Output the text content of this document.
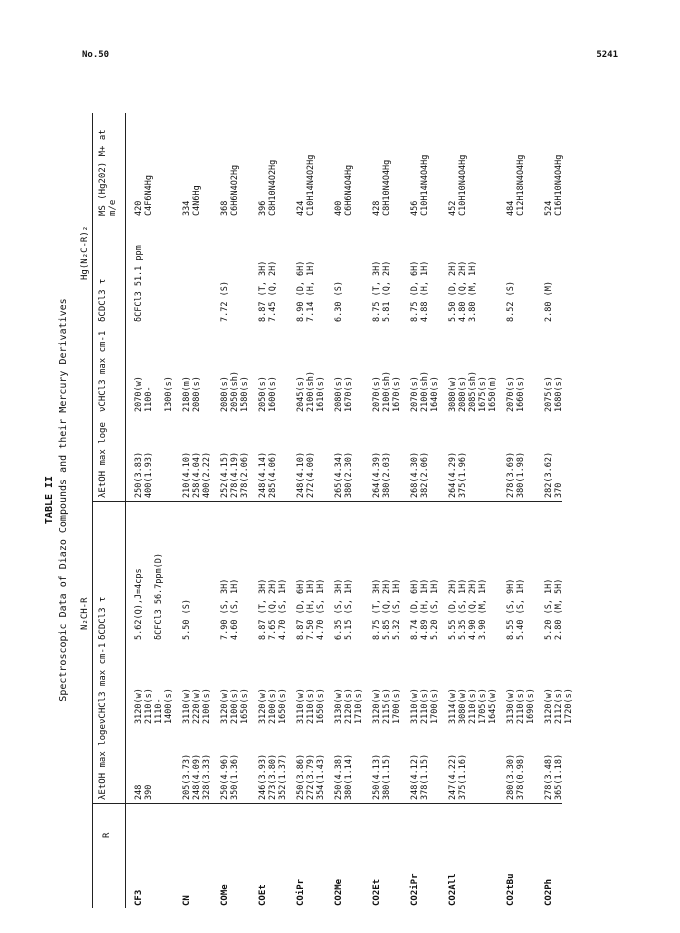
No.50	5241
TABLE II Spectroscopic Data of Diazo Compounds and their Mercury Derivatives
R
N₂CH-R
Hg(N₂C-R)₂
λEtOH max loge
νCHCl3 max cm-1
δCDCl3 τ
λEtOH max loge
νCHCl3 max cm-1
δCDCl3 τ
MS (Hg202) M+ at m/e
CF3
248
390
3120(w)
2110(s)
1110-
1400(s)
5.62(Q),J=4cps

δCFCl3 56.7ppm(D)
250(3.83)
400(1.93)
2070(w)
1100-

1300(s)
δCFCl3 51.1 ppm
420
C4F6N4Hg
CN
205(3.73)
248(4.09)
328(3.33)
3110(w)
2220(w)
2100(s)
5.50 (S)
210(4.10)
258(4.04)
400(2.22)
2180(m)
2080(s)
334
C4N6Hg
COMe
250(4.96)
350(1.36)
3120(w)
2100(s)
1650(s)
7.90 (S, 3H)
4.60 (S, 1H)
252(4.15)
278(4.19)
378(2.06)
2080(s)
2050(sh)
1580(s)
7.72 (S)
368
C6H6N4O2Hg
COEt
246(3.93)
273(3.80)
352(1.37)
3120(w)
2100(s)
1650(s)
8.87 (T, 3H)
7.65 (Q, 2H)
4.70 (S, 1H)
248(4.14)
285(4.06)
2050(s)
1600(s)
8.87 (T, 3H)
7.45 (Q, 2H)
396
C8H10N4O2Hg
COiPr
250(3.86)
272(3.79)
354(1.43)
3110(w)
2110(s)
1650(s)
8.87 (D, 6H)
7.50 (H, 1H)
4.70 (S, 1H)
248(4.10)
272(4.00)
2045(s)
2100(sh)
1610(s)
8.90 (D, 6H)
7.14 (H, 1H)
424
C10H14N4O2Hg
CO2Me
250(4.38)
380(1.14)
3130(w)
2120(s)
1710(s)
6.35 (S, 3H)
5.15 (S, 1H)
265(4.34)
380(2.30)
2080(s)
1670(s)
6.30 (S)
400
C6H6N4O4Hg
CO2Et
250(4.13)
380(1.15)
3120(w)
2115(s)
1700(s)
8.75 (T, 3H)
5.85 (Q, 2H)
5.32 (S, 1H)
264(4.39)
380(2.03)
2070(s)
2100(sh)
1670(s)
8.75 (T, 3H)
5.81 (Q, 2H)
428
C8H10N4O4Hg
CO2iPr
248(4.12)
378(1.15)
3110(w)
2110(s)
1700(s)
8.74 (D, 6H)
4.89 (H, 1H)
5.20 (S, 1H)
268(4.30)
382(2.06)
2070(s)
2100(sh)
1640(s)
8.75 (D, 6H)
4.88 (H, 1H)
456
C10H14N4O4Hg
CO2All
247(4.22)
375(1.16)
3114(w)
3080(w)
2110(s)
1705(s)
1645(w)
5.55 (D, 2H)
5.35 (S, 1H)
4.90 (Q, 2H)
3.90 (M, 1H)
264(4.29)
375(1.96)
3080(w)
2080(s)
2085(sh)
1675(s)
1650(m)
5.50 (D, 2H)
4.80 (Q, 2H)
3.80 (M, 1H)
452
C10H10N4O4Hg
CO2tBu
280(3.30)
378(0.98)
3130(w)
2110(s)
1690(s)
8.55 (S, 9H)
5.40 (S, 1H)
278(3.69)
380(1.98)
2070(s)
1660(s)
8.52 (S)
484
C12H18N4O4Hg
CO2Ph
278(3.48)
365(1.18)
3120(w)
2112(s)
1720(s)
5.20 (S, 1H)
2.80 (M, 5H)
282(3.62)
370
2075(s)
1680(s)
2.80 (M)
524
C16H10N4O4Hg
